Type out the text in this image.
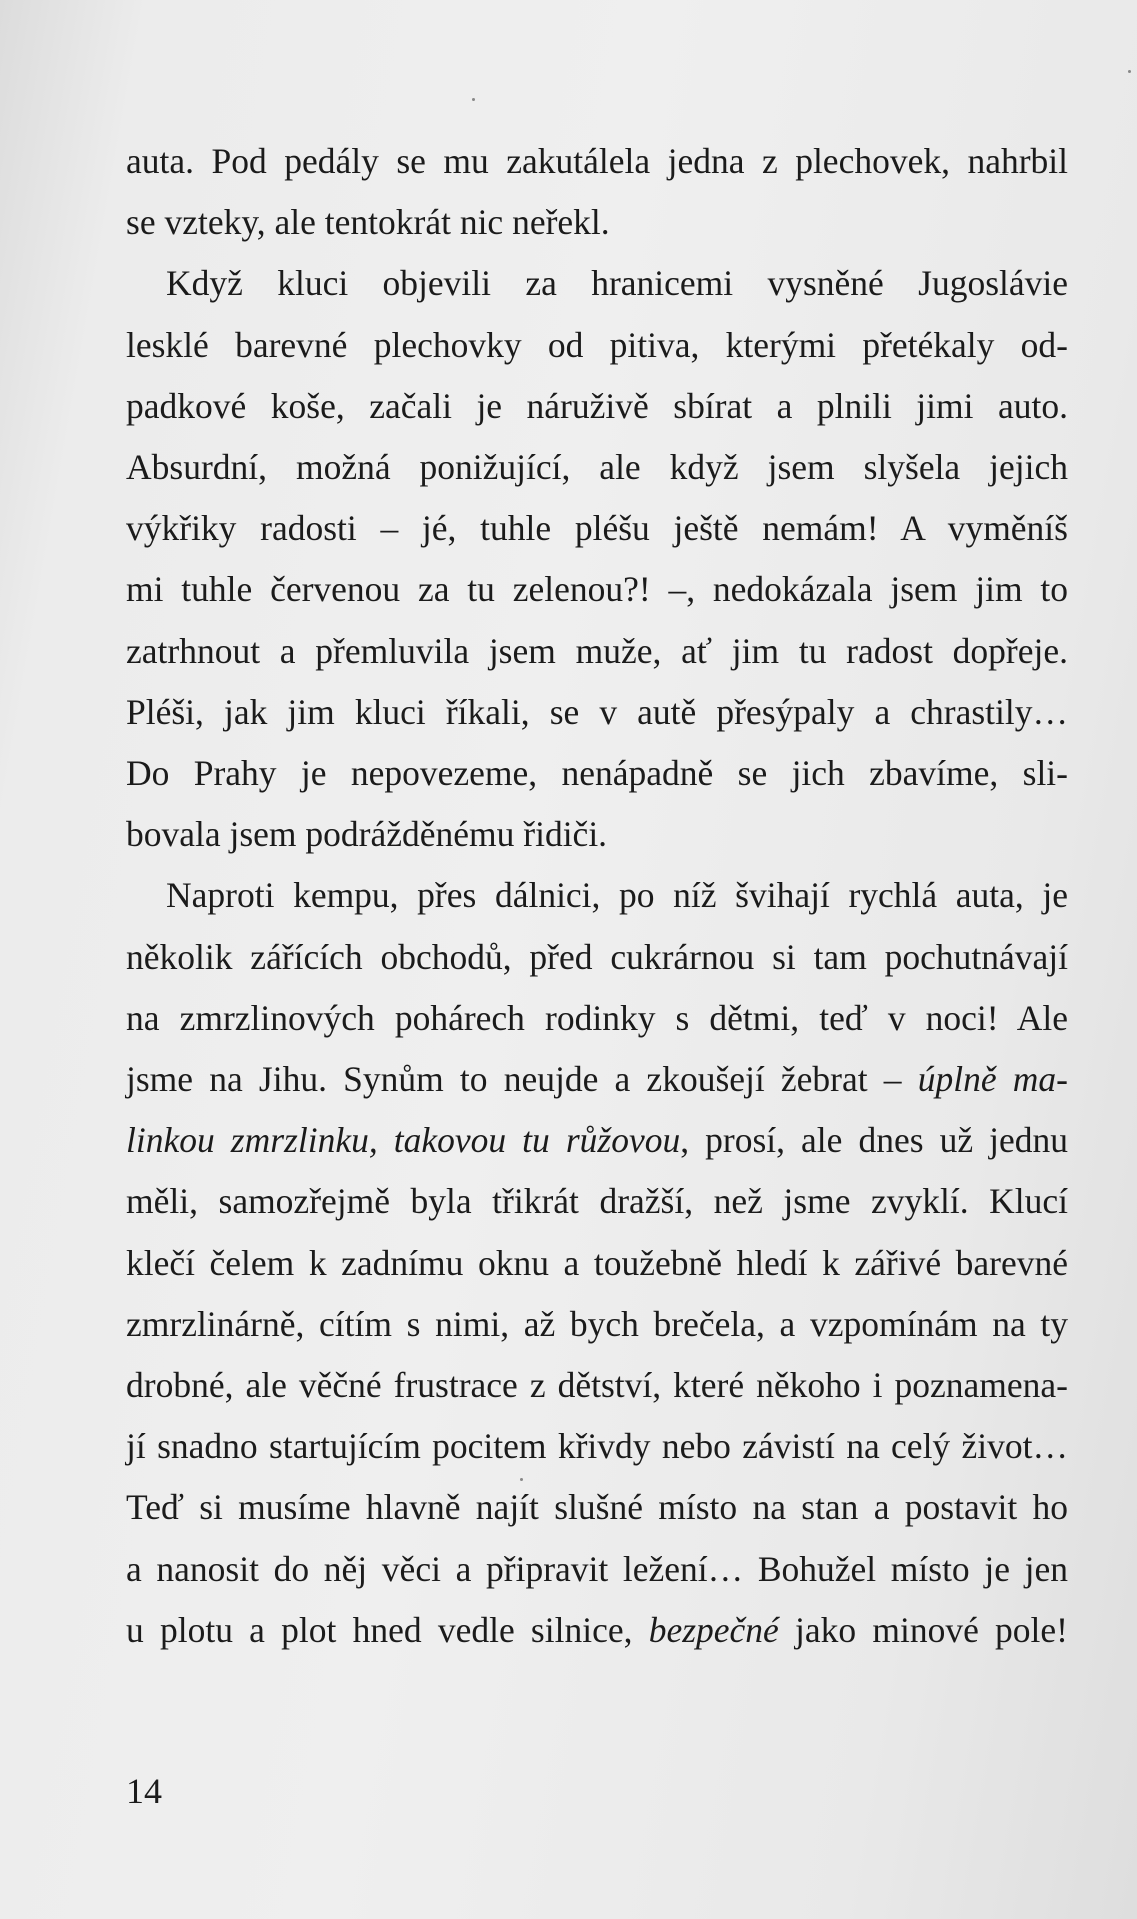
auta. Pod pedály se mu zakutálela jedna z plechovek, nahrbil
se vzteky, ale tentokrát nic neřekl.

Když kluci objevili za hranicemi vysněné Jugoslávie
lesklé barevné plechovky od pitiva, kterými přetékaly od-
padkové koše, začali je náruživě sbírat a plnili jimi auto.
Absurdní, možná ponižující, ale když jsem slyšela jejich
výkřiky radosti – jé, tuhle pléšu ještě nemám! A vyměníš
mi tuhle červenou za tu zelenou?! –, nedokázala jsem jim to
zatrhnout a přemluvila jsem muže, ať jim tu radost dopřeje.
Pléši, jak jim kluci říkali, se v autě přesýpaly a chrastily…
Do Prahy je nepovezeme, nenápadně se jich zbavíme, sli-
bovala jsem podrážděnému řidiči.

Naproti kempu, přes dálnici, po níž švihají rychlá auta, je
několik zářících obchodů, před cukrárnou si tam pochutnávají
na zmrzlinových pohárech rodinky s dětmi, teď v noci! Ale
jsme na Jihu. Synům to neujde a zkoušejí žebrat – úplně ma-
linkou zmrzlinku, takovou tu růžovou, prosí, ale dnes už jednu
měli, samozřejmě byla třikrát dražší, než jsme zvyklí. Klucí
klečí čelem k zadnímu oknu a toužebně hledí k zářivé barevné
zmrzlinárně, cítím s nimi, až bych brečela, a vzpomínám na ty
drobné, ale věčné frustrace z dětství, které někoho i poznamena-
jí snadno startujícím pocitem křivdy nebo závistí na celý život…
Teď si musíme hlavně najít slušné místo na stan a postavit ho
a nanosit do něj věci a připravit ležení… Bohužel místo je jen
u plotu a plot hned vedle silnice, bezpečné jako minové pole!

14
